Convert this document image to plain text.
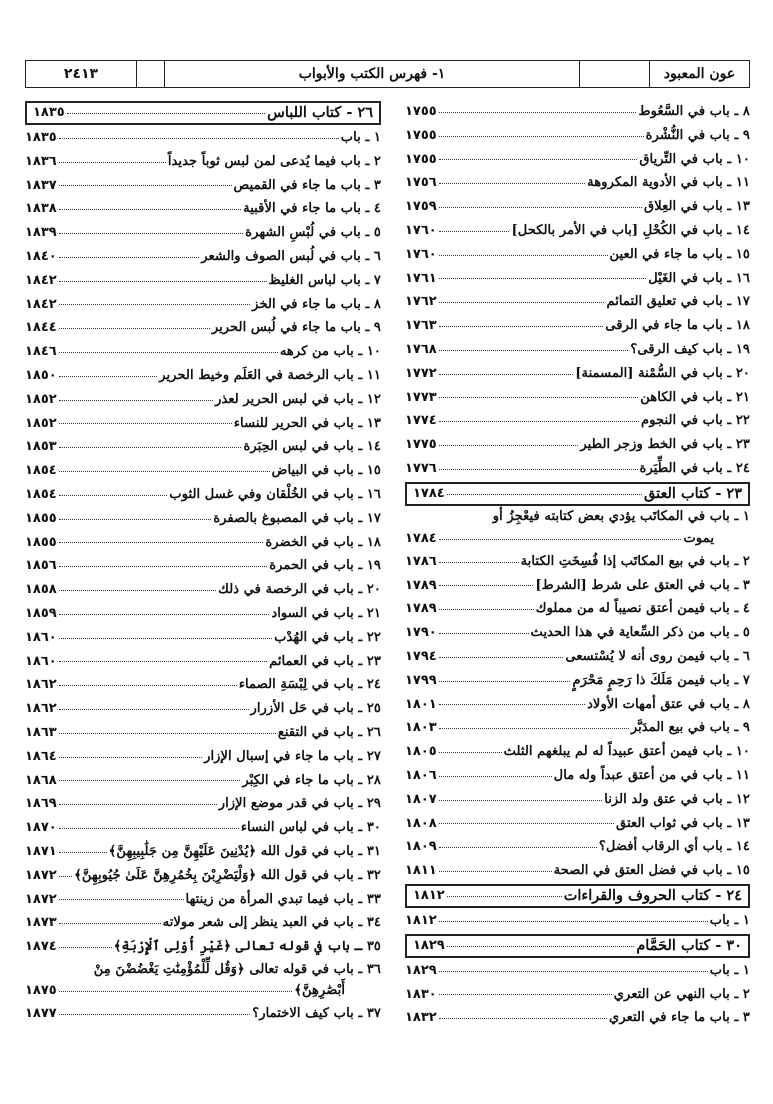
عون المعبود
١- فهرس الكتب والأبواب
٢٤١٣
٨ ـ باب في السَّعُوط
١٧٥٥
٩ ـ باب في النُّشْرة
١٧٥٥
١٠ ـ باب في التِّرياق
١٧٥٥
١١ ـ باب في الأدوية المكروهة
١٧٥٦
١٣ ـ باب في العِلاق
١٧٥٩
١٤ ـ باب في الكُحْلِ [باب في الأمر بالكحل]
١٧٦٠
١٥ ـ باب ما جاء في العين
١٧٦٠
١٦ ـ باب في الغَيْل
١٧٦١
١٧ ـ باب في تعليق التمائم
١٧٦٢
١٨ ـ باب ما جاء في الرقى
١٧٦٣
١٩ ـ باب كيف الرقى؟
١٧٦٨
٢٠ ـ باب في السُّمْنة [المسمنة]
١٧٧٢
٢١ ـ باب في الكاهن
١٧٧٣
٢٢ ـ باب في النجوم
١٧٧٤
٢٣ ـ باب في الخط وزجر الطير
١٧٧٥
٢٤ ـ باب في الطِّيَرة
١٧٧٦
٢٣ - كتاب العتق
١٧٨٤
١ ـ باب في المكاتَب يؤدي بعض كتابته فيعْجِزُ أو
يموت
١٧٨٤
٢ ـ باب في بيع المكاتَب إذا فُسِخَتِ الكتابة
١٧٨٦
٣ ـ باب في العتق على شرط [الشرط]
١٧٨٩
٤ ـ باب فيمن أعتق نصيباً له من مملوك
١٧٨٩
٥ ـ باب من ذكر السِّعاية في هذا الحديث
١٧٩٠
٦ ـ باب فيمن روى أنه لا يُسْتسعى
١٧٩٤
٧ ـ باب فيمن مَلَكَ ذا رَحِمٍ مَحْرَمٍ
١٧٩٩
٨ ـ باب في عتق أمهات الأولاد
١٨٠١
٩ ـ باب في بيع المدَبَّر
١٨٠٣
١٠ ـ باب فيمن أعتق عبيداً له لم يبلغهم الثلث
١٨٠٥
١١ ـ باب في من أعتق عبداً وله مال
١٨٠٦
١٢ ـ باب في عتق ولد الزنا
١٨٠٧
١٣ ـ باب في ثواب العتق
١٨٠٨
١٤ ـ باب أي الرقاب أفضل؟
١٨٠٩
١٥ ـ باب في فضل العتق في الصحة
١٨١١
٢٤ - كتاب الحروف والقراءات
١٨١٢
١ ـ باب
١٨١٢
٣٠ - كتاب الحَمَّام
١٨٢٩
١ ـ باب
١٨٢٩
٢ ـ باب النهي عن التعري
١٨٣٠
٣ ـ باب ما جاء في التعري
١٨٣٢
٢٦ - كتاب اللباس
١٨٣٥
١ ـ باب
١٨٣٥
٢ ـ باب فيما يُدعى لمن لبس ثوباً جديداً
١٨٣٦
٣ ـ باب ما جاء في القميص
١٨٣٧
٤ ـ باب ما جاء في الأقبية
١٨٣٨
٥ ـ باب في لُبْسِ الشهرة
١٨٣٩
٦ ـ باب في لُبس الصوف والشعر
١٨٤٠
٧ ـ باب لباس الغليظ
١٨٤٢
٨ ـ باب ما جاء في الخز
١٨٤٢
٩ ـ باب ما جاء في لُبس الحرير
١٨٤٤
١٠ ـ باب من كرهه
١٨٤٦
١١ ـ باب الرخصة في العَلَم وخيط الحرير
١٨٥٠
١٢ ـ باب في لبس الحرير لعذر
١٨٥٢
١٣ ـ باب في الحرير للنساء
١٨٥٢
١٤ ـ باب في لبس الحِبَرة
١٨٥٣
١٥ ـ باب في البياض
١٨٥٤
١٦ ـ باب في الخُلْقان وفي غسل الثوب
١٨٥٤
١٧ ـ باب في المصبوغ بالصفرة
١٨٥٥
١٨ ـ باب في الخضرة
١٨٥٥
١٩ ـ باب في الحمرة
١٨٥٦
٢٠ ـ باب في الرخصة في ذلك
١٨٥٨
٢١ ـ باب في السواد
١٨٥٩
٢٢ ـ باب في الهُدْب
١٨٦٠
٢٣ ـ باب في العمائم
١٨٦٠
٢٤ ـ باب في لِبْسَةِ الصماء
١٨٦٢
٢٥ ـ باب في حَل الأزرار
١٨٦٢
٢٦ ـ باب في التقنع
١٨٦٣
٢٧ ـ باب ما جاء في إسبال الإزار
١٨٦٤
٢٨ ـ باب ما جاء في الكِبْر
١٨٦٨
٢٩ ـ باب في قدر موضع الإزار
١٨٦٩
٣٠ ـ باب في لباس النساء
١٨٧٠
٣١ ـ باب في قول الله ﴿يُدْنِينَ عَلَيْهِنَّ مِن جَلَٰبِيبِهِنَّ﴾
١٨٧١
٣٢ ـ باب في قول الله ﴿وَلْيَضْرِبْنَ بِخُمُرِهِنَّ عَلَىٰ جُيُوبِهِنَّ﴾
١٨٧٢
٣٣ ـ باب فيما تبدي المرأة من زينتها
١٨٧٢
٣٤ ـ باب في العبد ينظر إلى شعر مولاته
١٨٧٣
٣٥ ـ باب في قوله تعالى ﴿غَيْرِ أُوْلِى ٱلْإِرْبَةِ﴾
١٨٧٤
٣٦ ـ باب في قوله تعالى ﴿وَقُل لِّلْمُؤْمِنَٰتِ يَغْضُضْنَ مِنْ
أَبْصَٰرِهِنَّ﴾
١٨٧٥
٣٧ ـ باب كيف الاختمار؟
١٨٧٧
